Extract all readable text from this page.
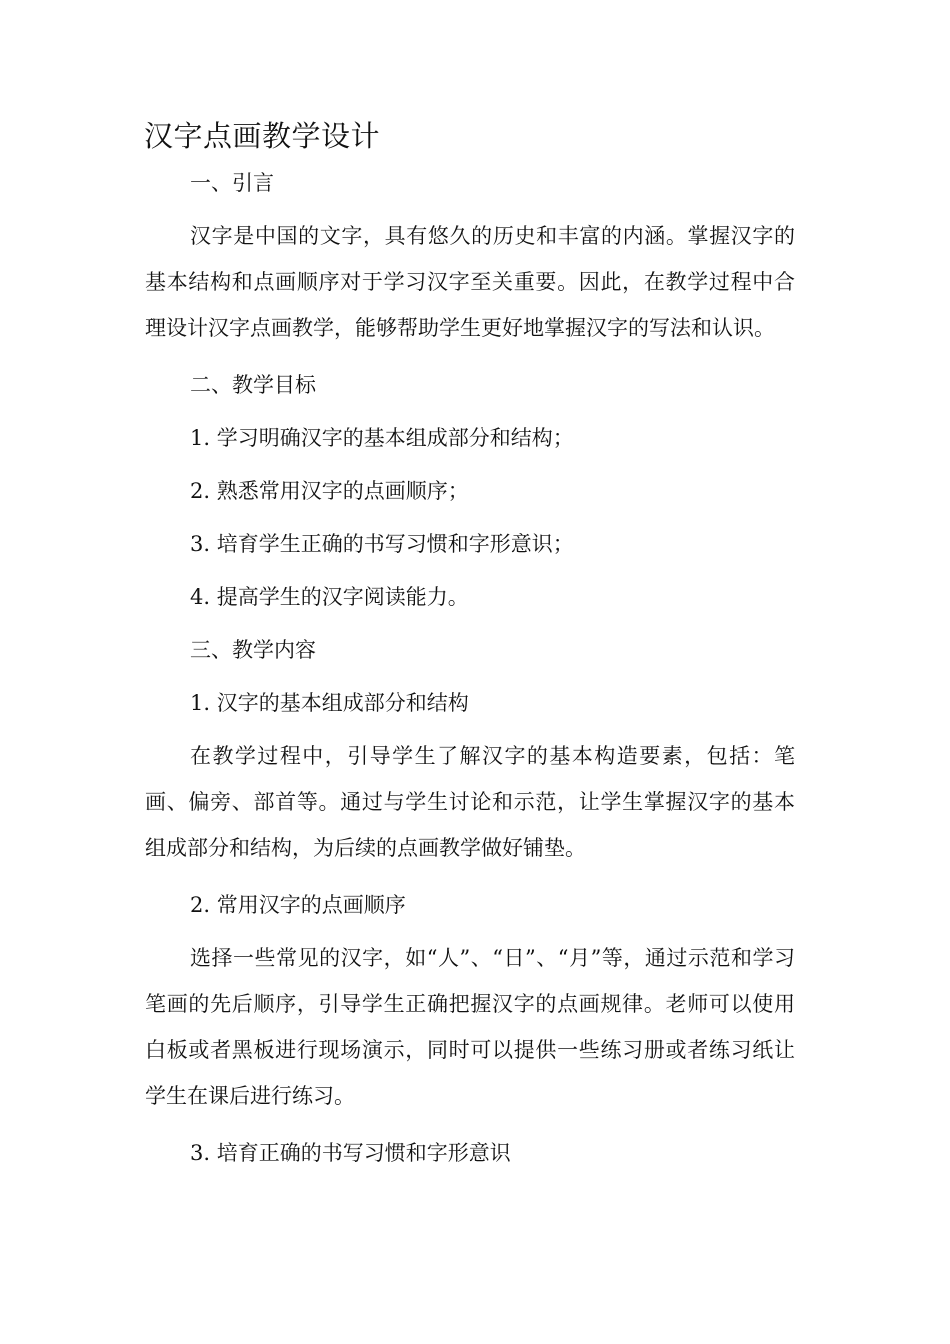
汉字点画教学设计

一、引言

汉字是中国的文字，具有悠久的历史和丰富的内涵。掌握汉字的基本结构和点画顺序对于学习汉字至关重要。因此，在教学过程中合理设计汉字点画教学，能够帮助学生更好地掌握汉字的写法和认识。

二、教学目标

1. 学习明确汉字的基本组成部分和结构；

2. 熟悉常用汉字的点画顺序；

3. 培育学生正确的书写习惯和字形意识；

4. 提高学生的汉字阅读能力。

三、教学内容

1. 汉字的基本组成部分和结构

在教学过程中，引导学生了解汉字的基本构造要素，包括：笔画、偏旁、部首等。通过与学生讨论和示范，让学生掌握汉字的基本组成部分和结构，为后续的点画教学做好铺垫。

2. 常用汉字的点画顺序

选择一些常见的汉字，如“人”、“日”、“月”等，通过示范和学习笔画的先后顺序，引导学生正确把握汉字的点画规律。老师可以使用白板或者黑板进行现场演示，同时可以提供一些练习册或者练习纸让学生在课后进行练习。

3. 培育正确的书写习惯和字形意识
